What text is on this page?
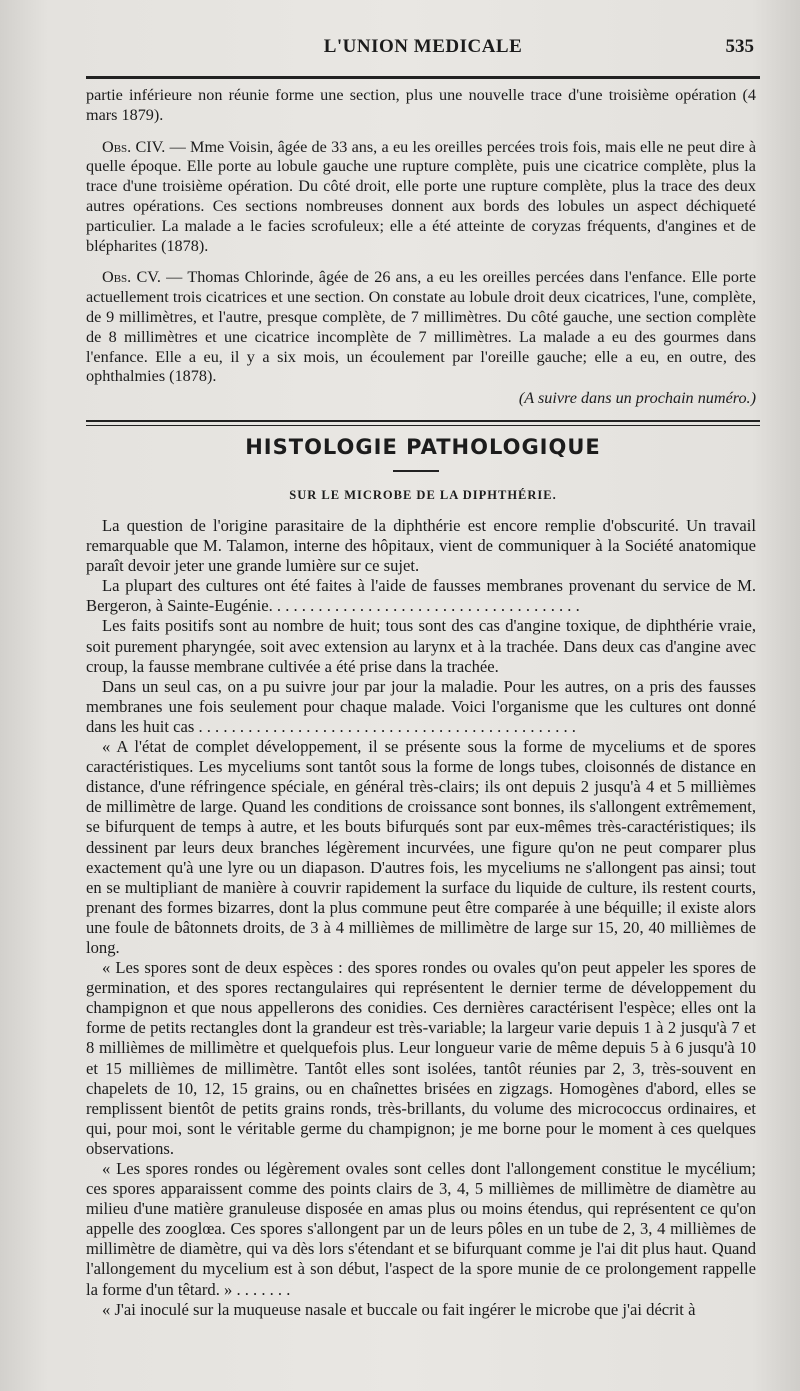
L'UNION MEDICALE	535

partie inférieure non réunie forme une section, plus une nouvelle trace d'une troisième opération (4 mars 1879).

Obs. CIV. — Mme Voisin, âgée de 33 ans, a eu les oreilles percées trois fois, mais elle ne peut dire à quelle époque. Elle porte au lobule gauche une rupture complète, puis une cicatrice complète, plus la trace d'une troisième opération. Du côté droit, elle porte une rupture complète, plus la trace des deux autres opérations. Ces sections nombreuses donnent aux bords des lobules un aspect déchiqueté particulier. La malade a le facies scrofuleux; elle a été atteinte de coryzas fréquents, d'angines et de blépharites (1878).

Obs. CV. — Thomas Chlorinde, âgée de 26 ans, a eu les oreilles percées dans l'enfance. Elle porte actuellement trois cicatrices et une section. On constate au lobule droit deux cicatrices, l'une, complète, de 9 millimètres, et l'autre, presque complète, de 7 millimètres. Du côté gauche, une section complète de 8 millimètres et une cicatrice incomplète de 7 millimètres. La malade a eu des gourmes dans l'enfance. Elle a eu, il y a six mois, un écoulement par l'oreille gauche; elle a eu, en outre, des ophthalmies (1878).

(A suivre dans un prochain numéro.)

HISTOLOGIE PATHOLOGIQUE
SUR LE MICROBE DE LA DIPHTHÉRIE.

La question de l'origine parasitaire de la diphthérie est encore remplie d'obscurité. Un travail remarquable que M. Talamon, interne des hôpitaux, vient de communiquer à la Société anatomique paraît devoir jeter une grande lumière sur ce sujet.

La plupart des cultures ont été faites à l'aide de fausses membranes provenant du service de M. Bergeron, à Sainte-Eugénie. . . . . . . . . . . . . . . . . . . . . . . . . . . . . . . . . . . . . .

Les faits positifs sont au nombre de huit; tous sont des cas d'angine toxique, de diphthérie vraie, soit purement pharyngée, soit avec extension au larynx et à la trachée. Dans deux cas d'angine avec croup, la fausse membrane cultivée a été prise dans la trachée.

Dans un seul cas, on a pu suivre jour par jour la maladie. Pour les autres, on a pris des fausses membranes une fois seulement pour chaque malade. Voici l'organisme que les cultures ont donné dans les huit cas . . . . . . . . . . . . . . . . . . . . . . . . . . . . . . . . . . . . . . . . . . . . . .

« A l'état de complet développement, il se présente sous la forme de myceliums et de spores caractéristiques. Les myceliums sont tantôt sous la forme de longs tubes, cloisonnés de distance en distance, d'une réfringence spéciale, en général très-clairs; ils ont depuis 2 jusqu'à 4 et 5 millièmes de millimètre de large. Quand les conditions de croissance sont bonnes, ils s'allongent extrêmement, se bifurquent de temps à autre, et les bouts bifurqués sont par eux-mêmes très-caractéristiques; ils dessinent par leurs deux branches légèrement incurvées, une figure qu'on ne peut comparer plus exactement qu'à une lyre ou un diapason. D'autres fois, les myceliums ne s'allongent pas ainsi; tout en se multipliant de manière à couvrir rapidement la surface du liquide de culture, ils restent courts, prenant des formes bizarres, dont la plus commune peut être comparée à une béquille; il existe alors une foule de bâtonnets droits, de 3 à 4 millièmes de millimètre de large sur 15, 20, 40 millièmes de long.

« Les spores sont de deux espèces : des spores rondes ou ovales qu'on peut appeler les spores de germination, et des spores rectangulaires qui représentent le dernier terme de développement du champignon et que nous appellerons des conidies. Ces dernières caractérisent l'espèce; elles ont la forme de petits rectangles dont la grandeur est très-variable; la largeur varie depuis 1 à 2 jusqu'à 7 et 8 millièmes de millimètre et quelquefois plus. Leur longueur varie de même depuis 5 à 6 jusqu'à 10 et 15 millièmes de millimètre. Tantôt elles sont isolées, tantôt réunies par 2, 3, très-souvent en chapelets de 10, 12, 15 grains, ou en chaînettes brisées en zigzags. Homogènes d'abord, elles se remplissent bientôt de petits grains ronds, très-brillants, du volume des micrococcus ordinaires, et qui, pour moi, sont le véritable germe du champignon; je me borne pour le moment à ces quelques observations.

« Les spores rondes ou légèrement ovales sont celles dont l'allongement constitue le mycélium; ces spores apparaissent comme des points clairs de 3, 4, 5 millièmes de millimètre de diamètre au milieu d'une matière granuleuse disposée en amas plus ou moins étendus, qui représentent ce qu'on appelle des zooglœa. Ces spores s'allongent par un de leurs pôles en un tube de 2, 3, 4 millièmes de millimètre de diamètre, qui va dès lors s'étendant et se bifurquant comme je l'ai dit plus haut. Quand l'allongement du mycelium est à son début, l'aspect de la spore munie de ce prolongement rappelle la forme d'un têtard. » . . . . . . .

« J'ai inoculé sur la muqueuse nasale et buccale ou fait ingérer le microbe que j'ai décrit à
